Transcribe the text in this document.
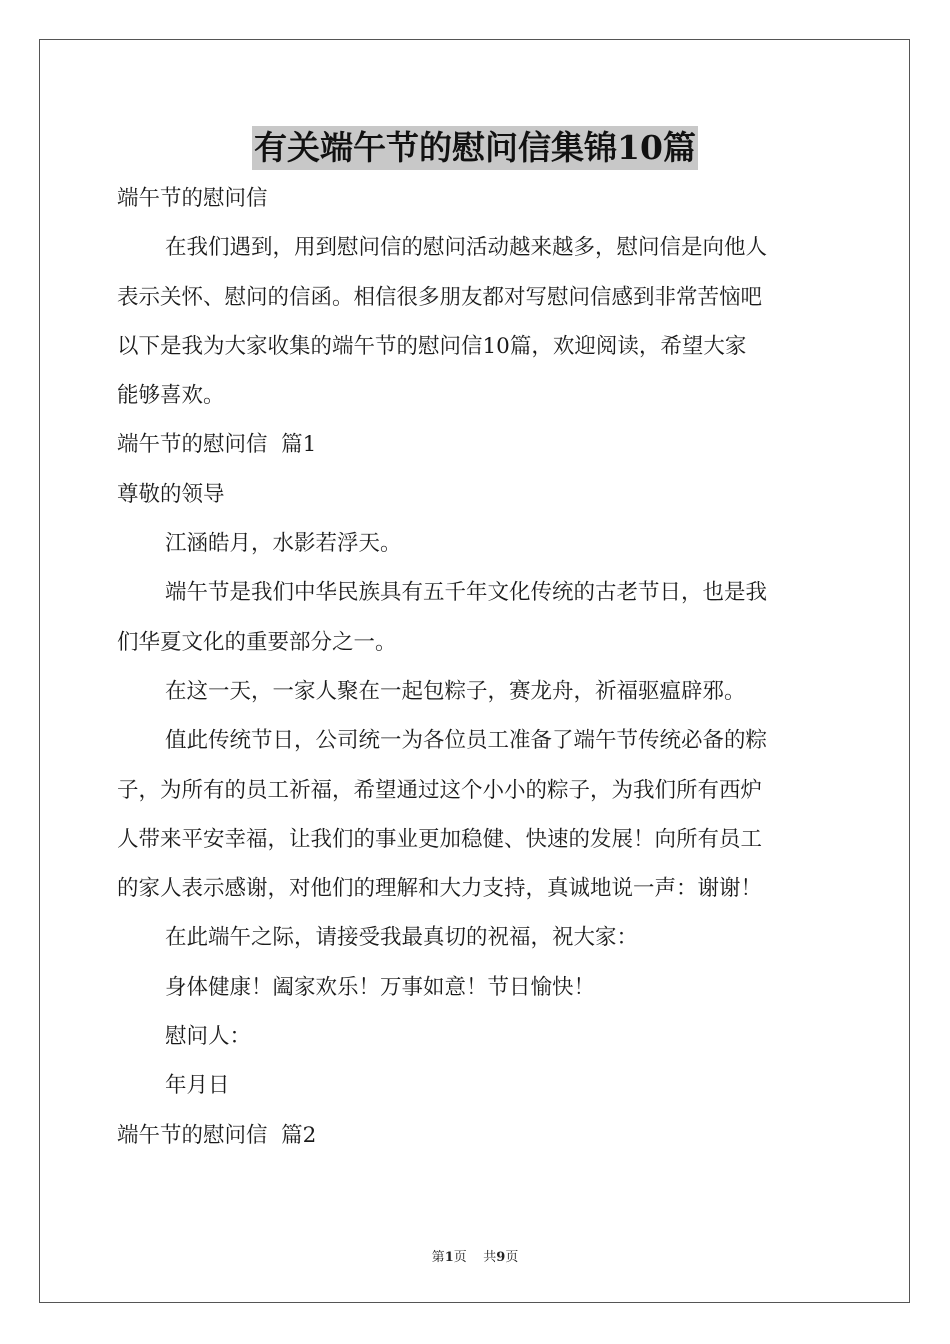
有关端午节的慰问信集锦10篇
端午节的慰问信
在我们遇到，用到慰问信的慰问活动越来越多，慰问信是向他人
表示关怀、慰问的信函。相信很多朋友都对写慰问信感到非常苦恼吧
以下是我为大家收集的端午节的慰问信10篇，欢迎阅读，希望大家
能够喜欢。
端午节的慰问信  篇1
尊敬的领导
江涵皓月，水影若浮天。
端午节是我们中华民族具有五千年文化传统的古老节日，也是我
们华夏文化的重要部分之一。
在这一天，一家人聚在一起包粽子，赛龙舟，祈福驱瘟辟邪。
值此传统节日，公司统一为各位员工准备了端午节传统必备的粽
子，为所有的员工祈福，希望通过这个小小的粽子，为我们所有西炉
人带来平安幸福，让我们的事业更加稳健、快速的发展！向所有员工
的家人表示感谢，对他们的理解和大力支持，真诚地说一声：谢谢！
在此端午之际，请接受我最真切的祝福，祝大家：
身体健康！阖家欢乐！万事如意！节日愉快！
慰问人：
年月日
端午节的慰问信  篇2
第1页    共9页
